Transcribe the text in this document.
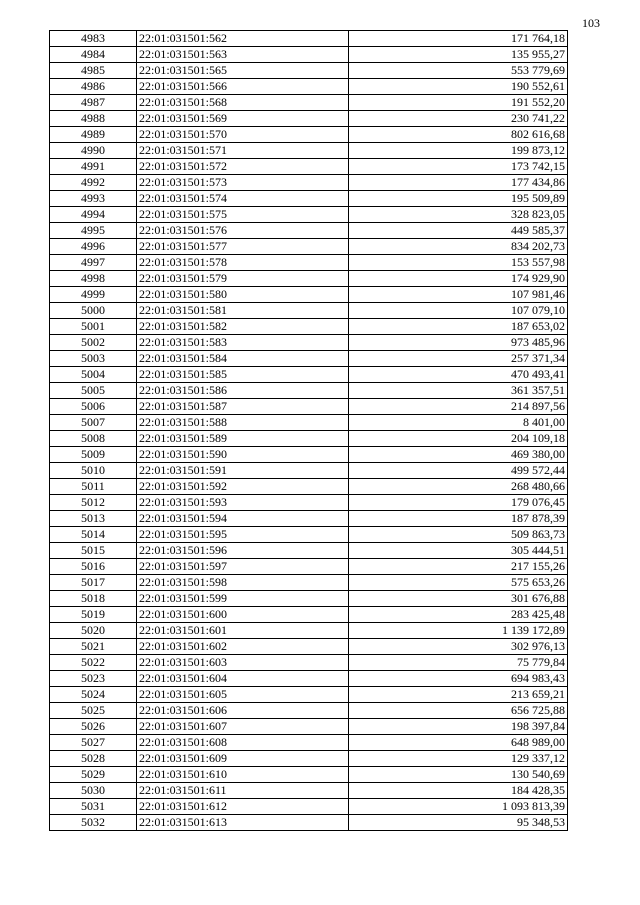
103
4983	22:01:031501:562	171 764,18
4984	22:01:031501:563	135 955,27
4985	22:01:031501:565	553 779,69
4986	22:01:031501:566	190 552,61
4987	22:01:031501:568	191 552,20
4988	22:01:031501:569	230 741,22
4989	22:01:031501:570	802 616,68
4990	22:01:031501:571	199 873,12
4991	22:01:031501:572	173 742,15
4992	22:01:031501:573	177 434,86
4993	22:01:031501:574	195 509,89
4994	22:01:031501:575	328 823,05
4995	22:01:031501:576	449 585,37
4996	22:01:031501:577	834 202,73
4997	22:01:031501:578	153 557,98
4998	22:01:031501:579	174 929,90
4999	22:01:031501:580	107 981,46
5000	22:01:031501:581	107 079,10
5001	22:01:031501:582	187 653,02
5002	22:01:031501:583	973 485,96
5003	22:01:031501:584	257 371,34
5004	22:01:031501:585	470 493,41
5005	22:01:031501:586	361 357,51
5006	22:01:031501:587	214 897,56
5007	22:01:031501:588	8 401,00
5008	22:01:031501:589	204 109,18
5009	22:01:031501:590	469 380,00
5010	22:01:031501:591	499 572,44
5011	22:01:031501:592	268 480,66
5012	22:01:031501:593	179 076,45
5013	22:01:031501:594	187 878,39
5014	22:01:031501:595	509 863,73
5015	22:01:031501:596	305 444,51
5016	22:01:031501:597	217 155,26
5017	22:01:031501:598	575 653,26
5018	22:01:031501:599	301 676,88
5019	22:01:031501:600	283 425,48
5020	22:01:031501:601	1 139 172,89
5021	22:01:031501:602	302 976,13
5022	22:01:031501:603	75 779,84
5023	22:01:031501:604	694 983,43
5024	22:01:031501:605	213 659,21
5025	22:01:031501:606	656 725,88
5026	22:01:031501:607	198 397,84
5027	22:01:031501:608	648 989,00
5028	22:01:031501:609	129 337,12
5029	22:01:031501:610	130 540,69
5030	22:01:031501:611	184 428,35
5031	22:01:031501:612	1 093 813,39
5032	22:01:031501:613	95 348,53
